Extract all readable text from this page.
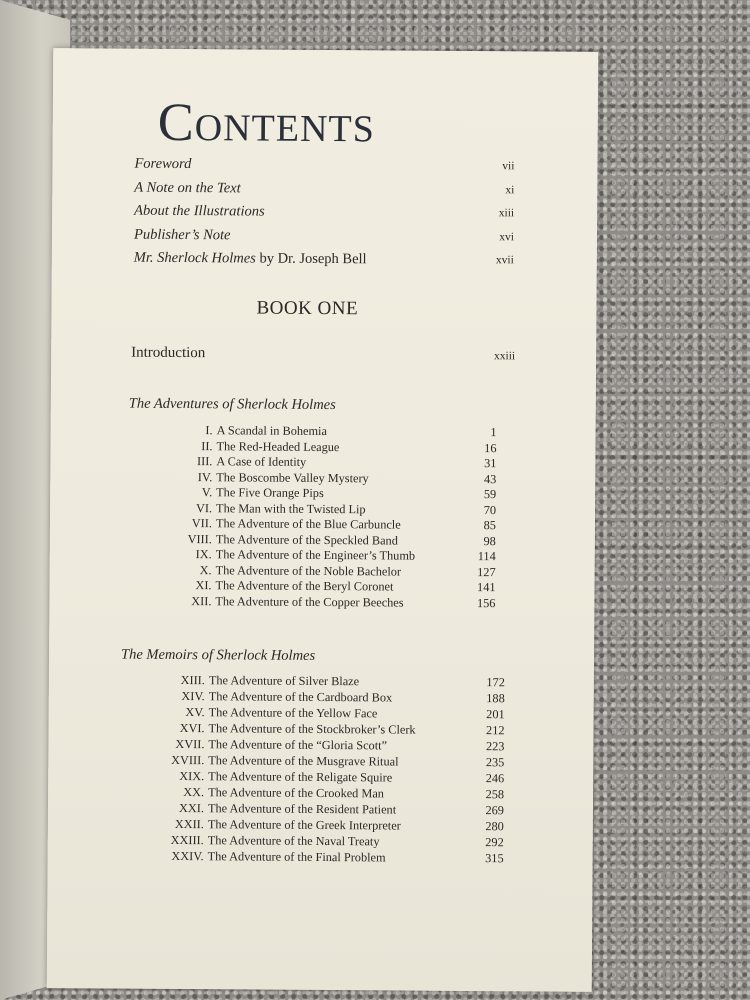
Contents
Foreword	vii
A Note on the Text	xi
About the Illustrations	xiii
Publisher’s Note	xvi
Mr. Sherlock Holmes by Dr. Joseph Bell	xvii
BOOK ONE
Introduction	xxiii
The Adventures of Sherlock Holmes
I. A Scandal in Bohemia	1
II. The Red-Headed League	16
III. A Case of Identity	31
IV. The Boscombe Valley Mystery	43
V. The Five Orange Pips	59
VI. The Man with the Twisted Lip	70
VII. The Adventure of the Blue Carbuncle	85
VIII. The Adventure of the Speckled Band	98
IX. The Adventure of the Engineer’s Thumb	114
X. The Adventure of the Noble Bachelor	127
XI. The Adventure of the Beryl Coronet	141
XII. The Adventure of the Copper Beeches	156
The Memoirs of Sherlock Holmes
XIII. The Adventure of Silver Blaze	172
XIV. The Adventure of the Cardboard Box	188
XV. The Adventure of the Yellow Face	201
XVI. The Adventure of the Stockbroker’s Clerk	212
XVII. The Adventure of the “Gloria Scott”	223
XVIII. The Adventure of the Musgrave Ritual	235
XIX. The Adventure of the Religate Squire	246
XX. The Adventure of the Crooked Man	258
XXI. The Adventure of the Resident Patient	269
XXII. The Adventure of the Greek Interpreter	280
XXIII. The Adventure of the Naval Treaty	292
XXIV. The Adventure of the Final Problem	315
